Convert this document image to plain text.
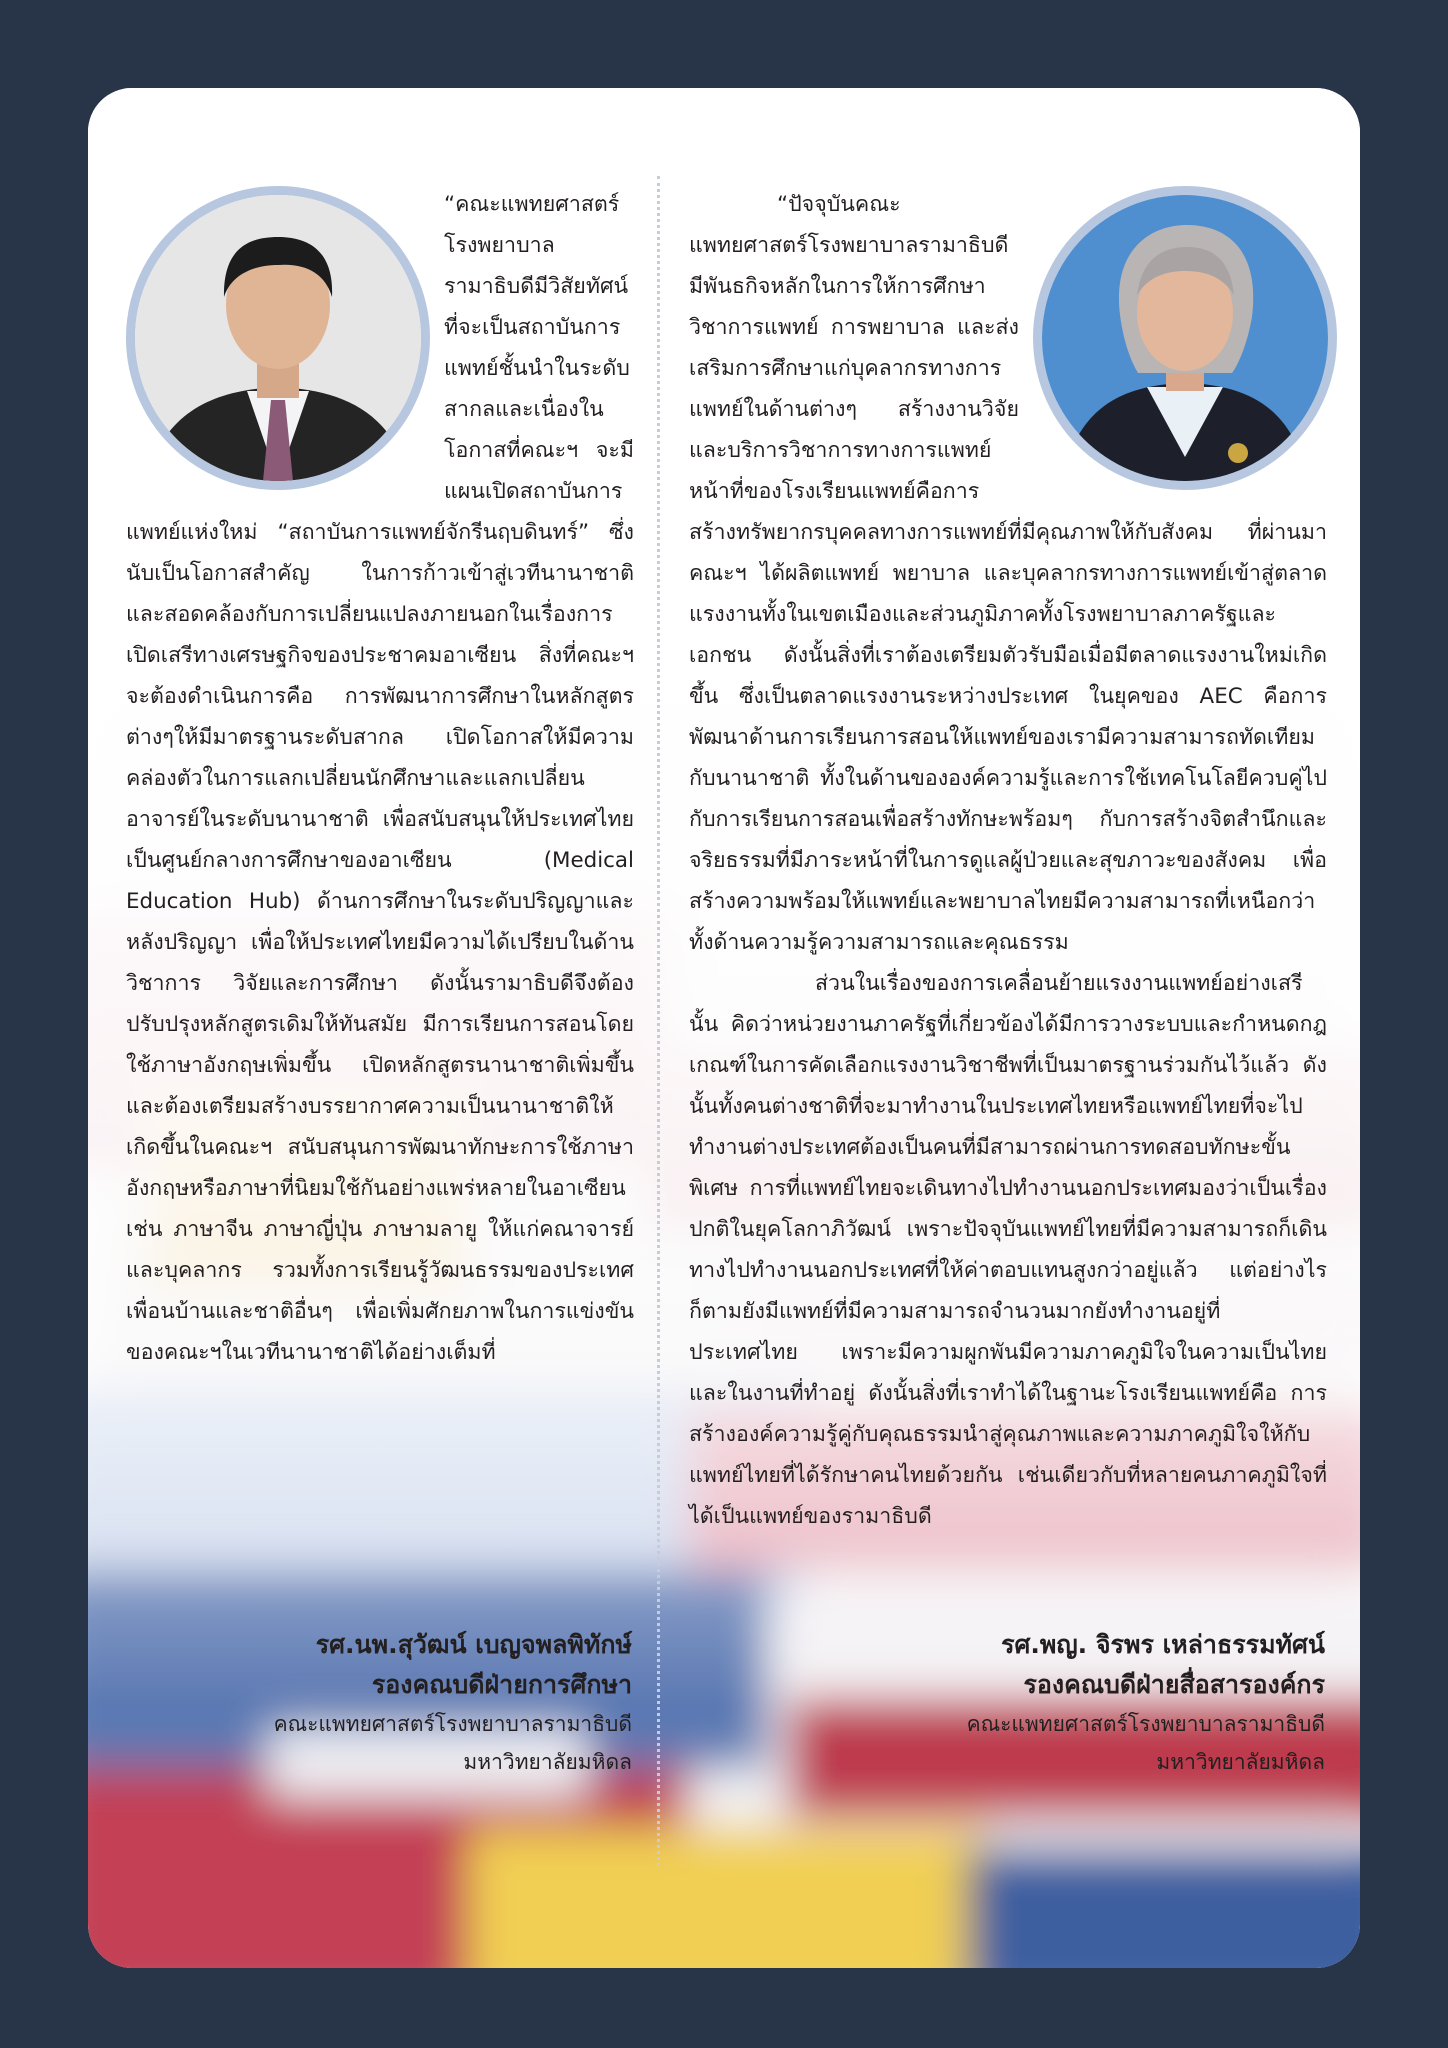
“คณะแพทยศาสตร์โรงพยาบาลรามาธิบดีมีวิสัยทัศน์ที่จะเป็นสถาบันการแพทย์ชั้นนำในระดับสากลและเนื่องในโอกาสที่คณะฯ จะมีแผนเปิดสถาบันการแพทย์แห่งใหม่ “สถาบันการแพทย์จักรีนฤบดินทร์” ซึ่งนับเป็นโอกาสสำคัญ ในการก้าวเข้าสู่เวทีนานาชาติ และสอดคล้องกับการเปลี่ยนแปลงภายนอกในเรื่องการเปิดเสรีทางเศรษฐกิจของประชาคมอาเซียน สิ่งที่คณะฯจะต้องดำเนินการคือ การพัฒนาการศึกษาในหลักสูตรต่างๆให้มีมาตรฐานระดับสากล เปิดโอกาสให้มีความคล่องตัวในการแลกเปลี่ยนนักศึกษาและแลกเปลี่ยนอาจารย์ในระดับนานาชาติ เพื่อสนับสนุนให้ประเทศไทยเป็นศูนย์กลางการศึกษาของอาเซียน (Medical Education Hub) ด้านการศึกษาในระดับปริญญาและหลังปริญญา เพื่อให้ประเทศไทยมีความได้เปรียบในด้านวิชาการ วิจัยและการศึกษา ดังนั้นรามาธิบดีจึงต้องปรับปรุงหลักสูตรเดิมให้ทันสมัย มีการเรียนการสอนโดยใช้ภาษาอังกฤษเพิ่มขึ้น เปิดหลักสูตรนานาชาติเพิ่มขึ้น และต้องเตรียมสร้างบรรยากาศความเป็นนานาชาติให้เกิดขึ้นในคณะฯ สนับสนุนการพัฒนาทักษะการใช้ภาษาอังกฤษหรือภาษาที่นิยมใช้กันอย่างแพร่หลายในอาเซียน เช่น ภาษาจีน ภาษาญี่ปุ่น ภาษามลายู ให้แก่คณาจารย์และบุคลากร รวมทั้งการเรียนรู้วัฒนธรรมของประเทศเพื่อนบ้านและชาติอื่นๆ เพื่อเพิ่มศักยภาพในการแข่งขันของคณะฯในเวทีนานาชาติได้อย่างเต็มที่

“ปัจจุบันคณะแพทยศาสตร์โรงพยาบาลรามาธิบดี มีพันธกิจหลักในการให้การศึกษาวิชาการแพทย์ การพยาบาล และส่งเสริมการศึกษาแก่บุคลากรทางการแพทย์ในด้านต่างๆ สร้างงานวิจัย และบริการวิชาการทางการแพทย์ หน้าที่ของโรงเรียนแพทย์คือการสร้างทรัพยากรบุคคลทางการแพทย์ที่มีคุณภาพให้กับสังคม ที่ผ่านมาคณะฯ ได้ผลิตแพทย์ พยาบาล และบุคลากรทางการแพทย์เข้าสู่ตลาดแรงงานทั้งในเขตเมืองและส่วนภูมิภาคทั้งโรงพยาบาลภาครัฐและเอกชน ดังนั้นสิ่งที่เราต้องเตรียมตัวรับมือเมื่อมีตลาดแรงงานใหม่เกิดขึ้น ซึ่งเป็นตลาดแรงงานระหว่างประเทศ ในยุคของ AEC คือการพัฒนาด้านการเรียนการสอนให้แพทย์ของเรามีความสามารถทัดเทียมกับนานาชาติ ทั้งในด้านขององค์ความรู้และการใช้เทคโนโลยีควบคู่ไปกับการเรียนการสอนเพื่อสร้างทักษะพร้อมๆ กับการสร้างจิตสำนึกและจริยธรรมที่มีภาระหน้าที่ในการดูแลผู้ป่วยและสุขภาวะของสังคม เพื่อสร้างความพร้อมให้แพทย์และพยาบาลไทยมีความสามารถที่เหนือกว่าทั้งด้านความรู้ความสามารถและคุณธรรม

ส่วนในเรื่องของการเคลื่อนย้ายแรงงานแพทย์อย่างเสรีนั้น คิดว่าหน่วยงานภาครัฐที่เกี่ยวข้องได้มีการวางระบบและกำหนดกฎเกณฑ์ในการคัดเลือกแรงงานวิชาชีพที่เป็นมาตรฐานร่วมกันไว้แล้ว ดังนั้นทั้งคนต่างชาติที่จะมาทำงานในประเทศไทยหรือแพทย์ไทยที่จะไปทำงานต่างประเทศต้องเป็นคนที่มีสามารถผ่านการทดสอบทักษะขั้นพิเศษ การที่แพทย์ไทยจะเดินทางไปทำงานนอกประเทศมองว่าเป็นเรื่องปกติในยุคโลกาภิวัฒน์ เพราะปัจจุบันแพทย์ไทยที่มีความสามารถก็เดินทางไปทำงานนอกประเทศที่ให้ค่าตอบแทนสูงกว่าอยู่แล้ว แต่อย่างไรก็ตามยังมีแพทย์ที่มีความสามารถจำนวนมากยังทำงานอยู่ที่ประเทศไทย เพราะมีความผูกพันมีความภาคภูมิใจในความเป็นไทยและในงานที่ทำอยู่ ดังนั้นสิ่งที่เราทำได้ในฐานะโรงเรียนแพทย์คือ การสร้างองค์ความรู้คู่กับคุณธรรมนำสู่คุณภาพและความภาคภูมิใจให้กับแพทย์ไทยที่ได้รักษาคนไทยด้วยกัน เช่นเดียวกับที่หลายคนภาคภูมิใจที่ได้เป็นแพทย์ของรามาธิบดี

รศ.นพ.สุวัฒน์ เบญจพลพิทักษ์
รองคณบดีฝ่ายการศึกษา
คณะแพทยศาสตร์โรงพยาบาลรามาธิบดี
มหาวิทยาลัยมหิดล
รศ.พญ. จิรพร เหล่าธรรมทัศน์
รองคณบดีฝ่ายสื่อสารองค์กร
คณะแพทยศาสตร์โรงพยาบาลรามาธิบดี
มหาวิทยาลัยมหิดล
